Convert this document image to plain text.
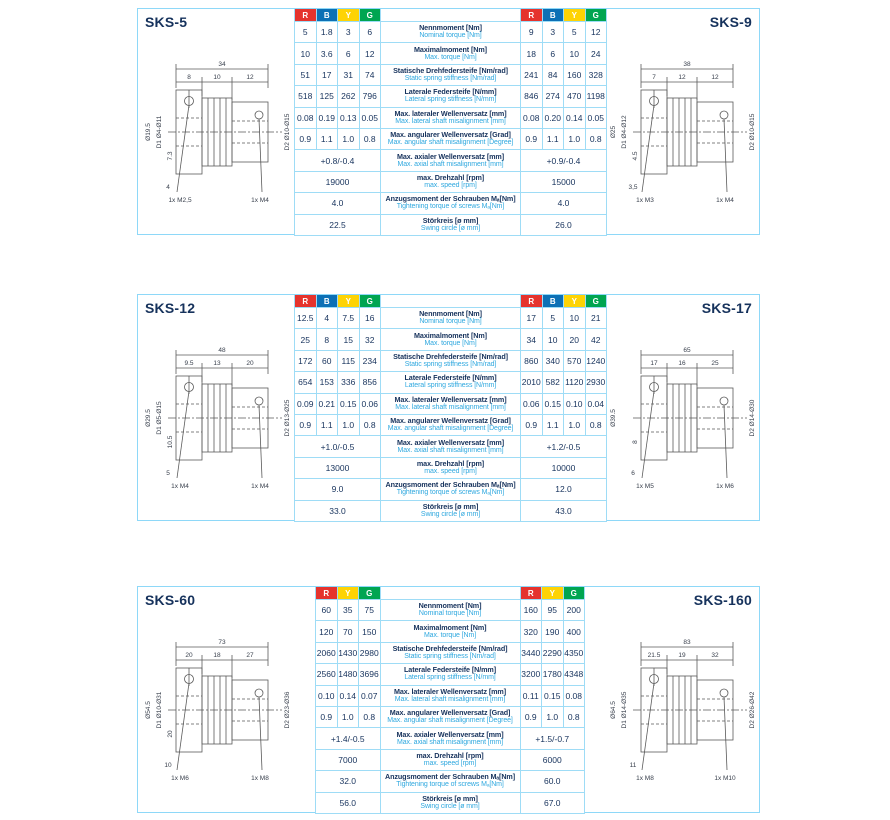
SKS-5	SKS-9
34
8	10	12
Ø19.5 D1 Ø4-Ø11
7.3
4
1x M2,5	1x M4
D2 Ø10-Ø15
38
7	12	12
Ø25 D1 Ø4-Ø12
4.5
3,5
1x M3	1x M4
D2 Ø10-Ø15
R	B	Y	G	R	B	Y	G
5	1.8	3	6	Nennmoment [Nm]
Nominal torque [Nm]	9	3	5	12
10	3.6	6	12	Maximalmoment [Nm]
Max. torque [Nm]	18	6	10	24
51	17	31	74	Statische Drehfedersteife [Nm/rad]
Static spring stiffness [Nm/rad]	241	84	160 328
518 125 262 796	Laterale Federsteife [N/mm]
Lateral spring stiffness [N/mm]	846 274 470 1198
0.08 0.19 0.13 0.05	Max. lateraler Wellenversatz [mm]
Max. lateral shaft misalignment [mm] 0.08 0.20 0.14 0.05
0.9	1.1	1.0	0.8	Max. angularer Wellenversatz [Grad]
Max. angular shaft misalignment [Degree]	0.9	1.1	1.0	0.8
+0.8/-0.4	Max. axialer Wellenversatz [mm]
Max. axial shaft misalignment [mm]	+0.9/-0.4
19000	max. Drehzahl [rpm]
max. speed [rpm]	15000
4.0	Anzugsmoment der Schrauben Mₐ[Nm]
Tightening torque of screws Mₐ[Nm]	4.0
22.5	Störkreis [ø mm]
Swing circle [ø mm]	26.0
SKS-12	SKS-17
48
9.5	13	20
Ø29.5 D1 Ø5-Ø15
10.5
5
1x M4	1x M4
D2 Ø13-Ø25
65
17	16	25
Ø39.5
8
6
1x M5	1x M6
D2 Ø14-Ø30
R	B	Y	G	R	B	Y	G
12.5	4	7.5	16	Nennmoment [Nm]
Nominal torque [Nm]	17	5	10	21
25	8	15	32	Maximalmoment [Nm]
Max. torque [Nm]	34	10	20	42
172	60	115 234	Statische Drehfedersteife [Nm/rad]
Static spring stiffness [Nm/rad]	860 340 570 1240
654 153 336 856	Laterale Federsteife [N/mm]
Lateral spring stiffness [N/mm]	2010 582 1120 2930
0.09 0.21 0.15 0.06	Max. lateraler Wellenversatz [mm]
Max. lateral shaft misalignment [mm] 0.06 0.15 0.10 0.04
0.9	1.1	1.0	0.8	Max. angularer Wellenversatz [Grad]
Max. angular shaft misalignment [Degree]	0.9	1.1	1.0	0.8
+1.0/-0.5	Max. axialer Wellenversatz [mm]
Max. axial shaft misalignment [mm]	+1.2/-0.5
13000	max. Drehzahl [rpm]
max. speed [rpm]	10000
9.0	Anzugsmoment der Schrauben Mₐ[Nm]
Tightening torque of screws Mₐ[Nm]	12.0
33.0	Störkreis [ø mm]
Swing circle [ø mm]	43.0
SKS-60	SKS-160
73
20	18	27
Ø54.5 D1 Ø10-Ø31
20
10
1x M6	1x M8
D2 Ø23-Ø36
83
21.5	19	32
Ø64.5 D1 Ø14-Ø35
11
1x M8	1x M10
D2 Ø26-Ø42
R	Y	G	R	Y	G
60	35	75	Nennmoment [Nm]
Nominal torque [Nm]	160	95	200
120	70	150	Maximalmoment [Nm]
Max. torque [Nm]	320 190 400
2060 1430 2980 Statische Drehfedersteife [Nm/rad]
Static spring stiffness [Nm/rad]	3440 2290 4350
2560 1480 3696	Laterale Federsteife [N/mm]
Lateral spring stiffness [N/mm]	3200 1780 4348
0.10 0.14 0.07	Max. lateraler Wellenversatz [mm]
Max. lateral shaft misalignment [mm] 0.11 0.15 0.08
0.9	1.0	0.8	Max. angularer Wellenversatz [Grad]
Max. angular shaft misalignment [Degree]	0.9	1.0	0.8
+1.4/-0.5	Max. axialer Wellenversatz [mm]
Max. axial shaft misalignment [mm]	+1.5/-0.7
7000	max. Drehzahl [rpm]
max. speed [rpm]	6000
32.0	Anzugsmoment der Schrauben Mₐ[Nm]
Tightening torque of screws Mₐ[Nm]	60.0
56.0	Störkreis [ø mm]
Swing circle [ø mm]	67.0
